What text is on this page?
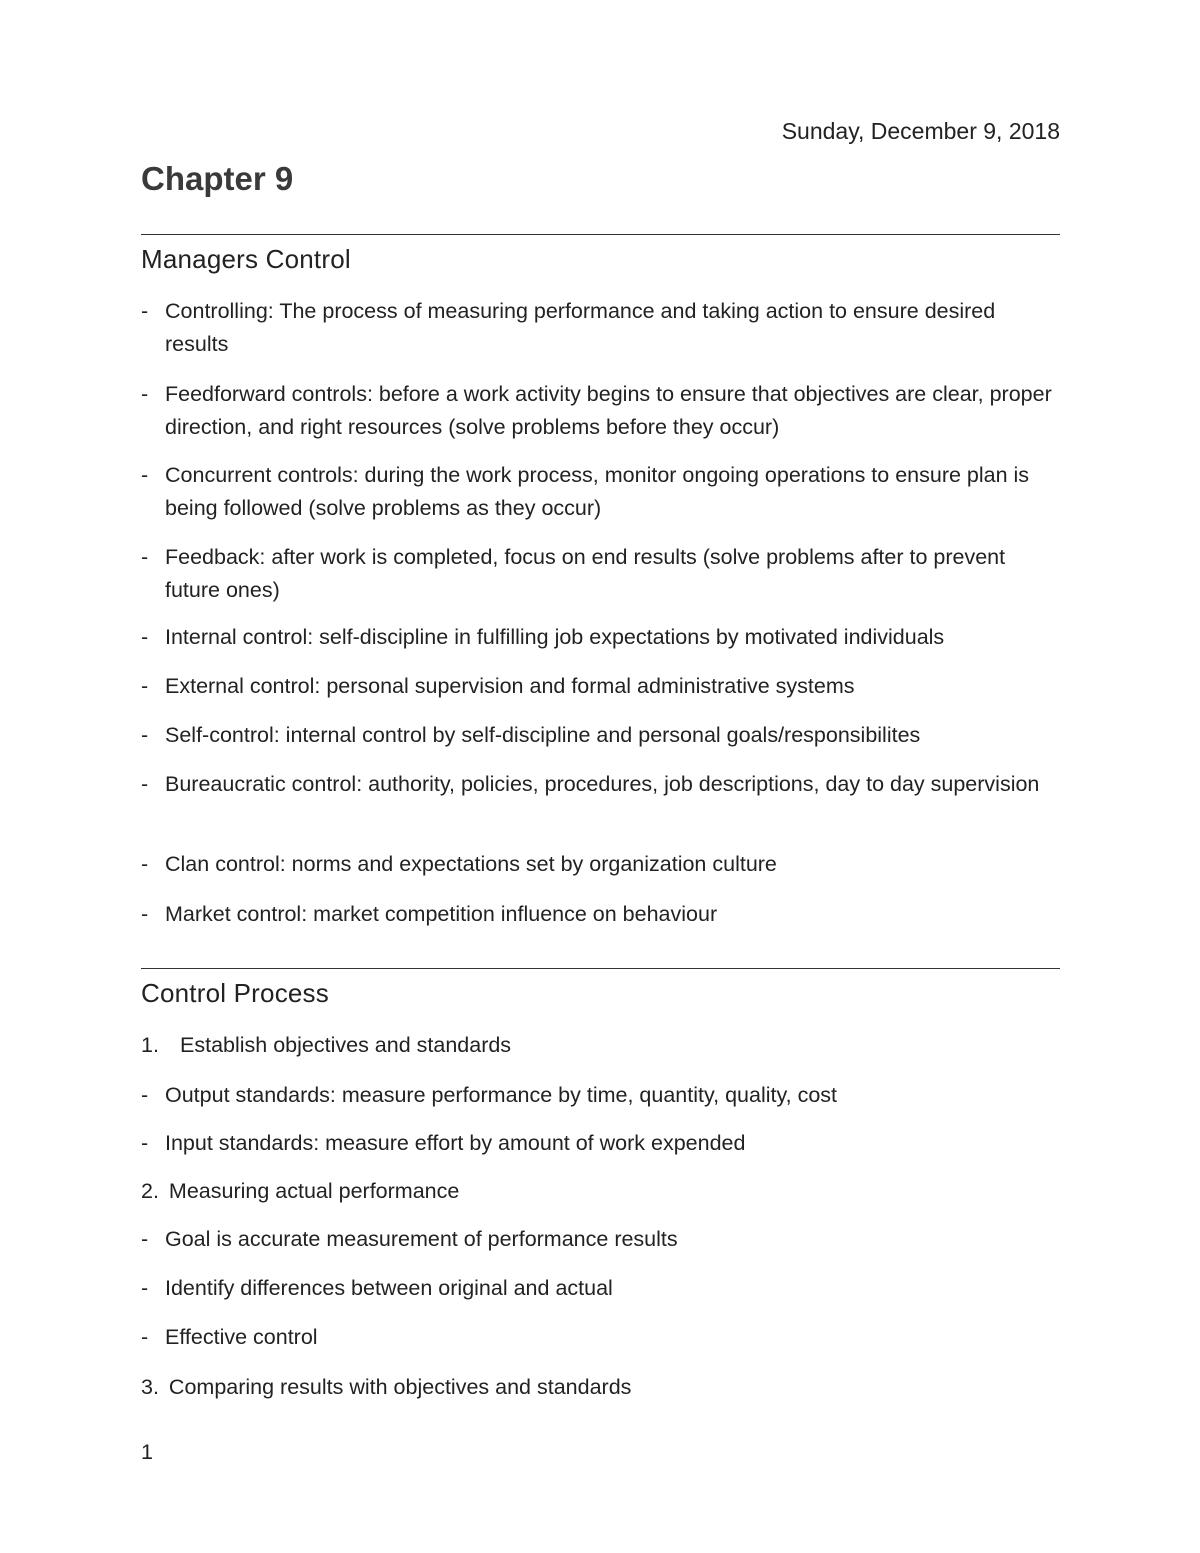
Sunday, December 9, 2018
Chapter 9
Managers Control
- Controlling: The process of measuring performance and taking action to ensure desired results
- Feedforward controls: before a work activity begins to ensure that objectives are clear, proper direction, and right resources (solve problems before they occur)
- Concurrent controls: during the work process, monitor ongoing operations to ensure plan is being followed (solve problems as they occur)
- Feedback: after work is completed, focus on end results (solve problems after to prevent future ones)
- Internal control: self-discipline in fulfilling job expectations by motivated individuals
- External control: personal supervision and formal administrative systems
- Self-control: internal control by self-discipline and personal goals/responsibilites
- Bureaucratic control: authority, policies, procedures, job descriptions, day to day supervision
- Clan control: norms and expectations set by organization culture
- Market control: market competition influence on behaviour
Control Process
1. Establish objectives and standards
- Output standards: measure performance by time, quantity, quality, cost
- Input standards: measure effort by amount of work expended
2. Measuring actual performance
- Goal is accurate measurement of performance results
- Identify differences between original and actual
- Effective control
3. Comparing results with objectives and standards
1
